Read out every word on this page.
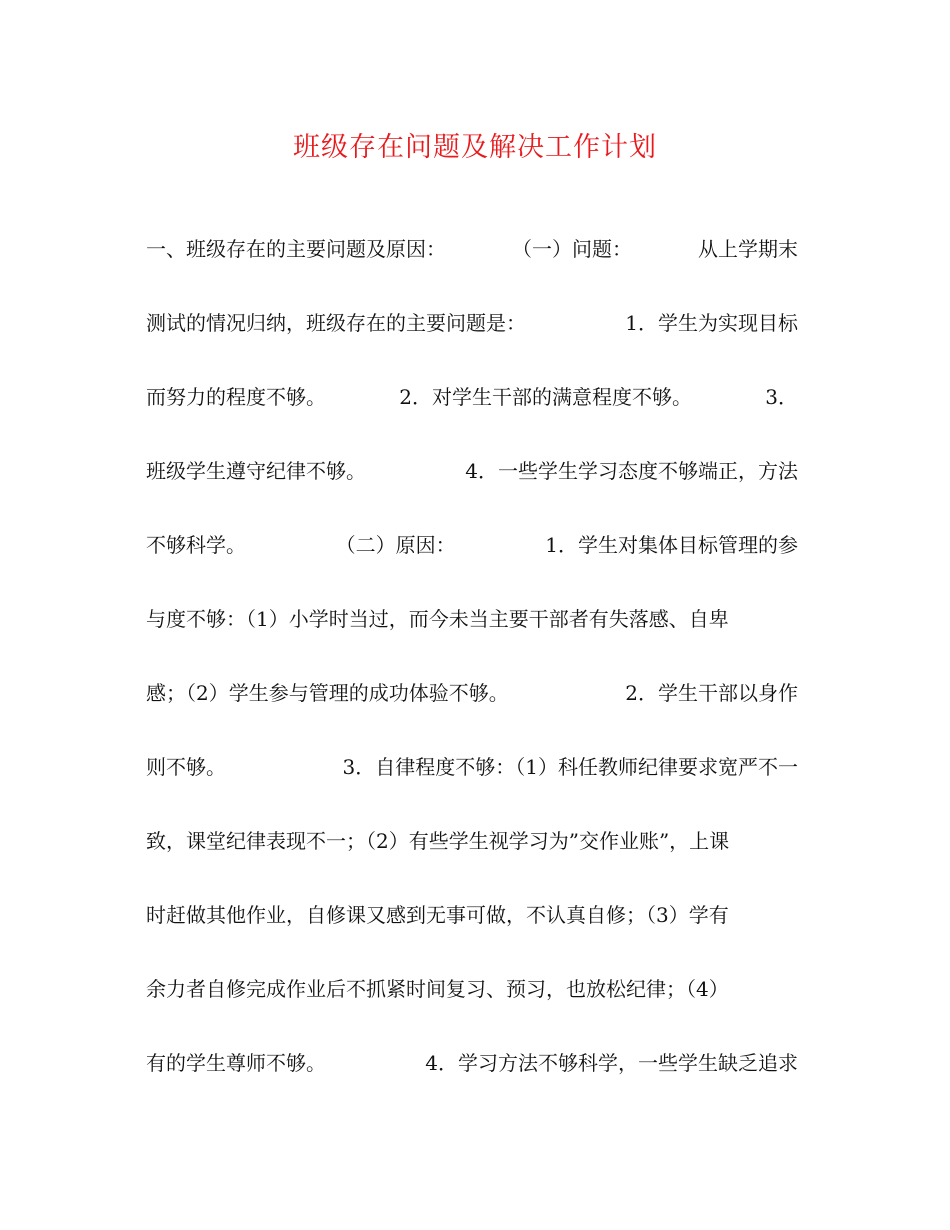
班级存在问题及解决工作计划
一、班级存在的主要问题及原因：	（一）问题：	从上学期末
测试的情况归纳，班级存在的主要问题是：	1．学生为实现目标
而努力的程度不够。	2．对学生干部的满意程度不够。	3．
班级学生遵守纪律不够。	4．一些学生学习态度不够端正，方法
不够科学。	（二）原因：	1．学生对集体目标管理的参
与度不够：（1）小学时当过，而今未当主要干部者有失落感、自卑
感；（2）学生参与管理的成功体验不够。	2．学生干部以身作
则不够。	3．自律程度不够：（1）科任教师纪律要求宽严不一
致，课堂纪律表现不一；（2）有些学生视学习为”交作业账”，上课
时赶做其他作业，自修课又感到无事可做，不认真自修；（3）学有
余力者自修完成作业后不抓紧时间复习、预习，也放松纪律；（4）
有的学生尊师不够。	4．学习方法不够科学，一些学生缺乏追求
